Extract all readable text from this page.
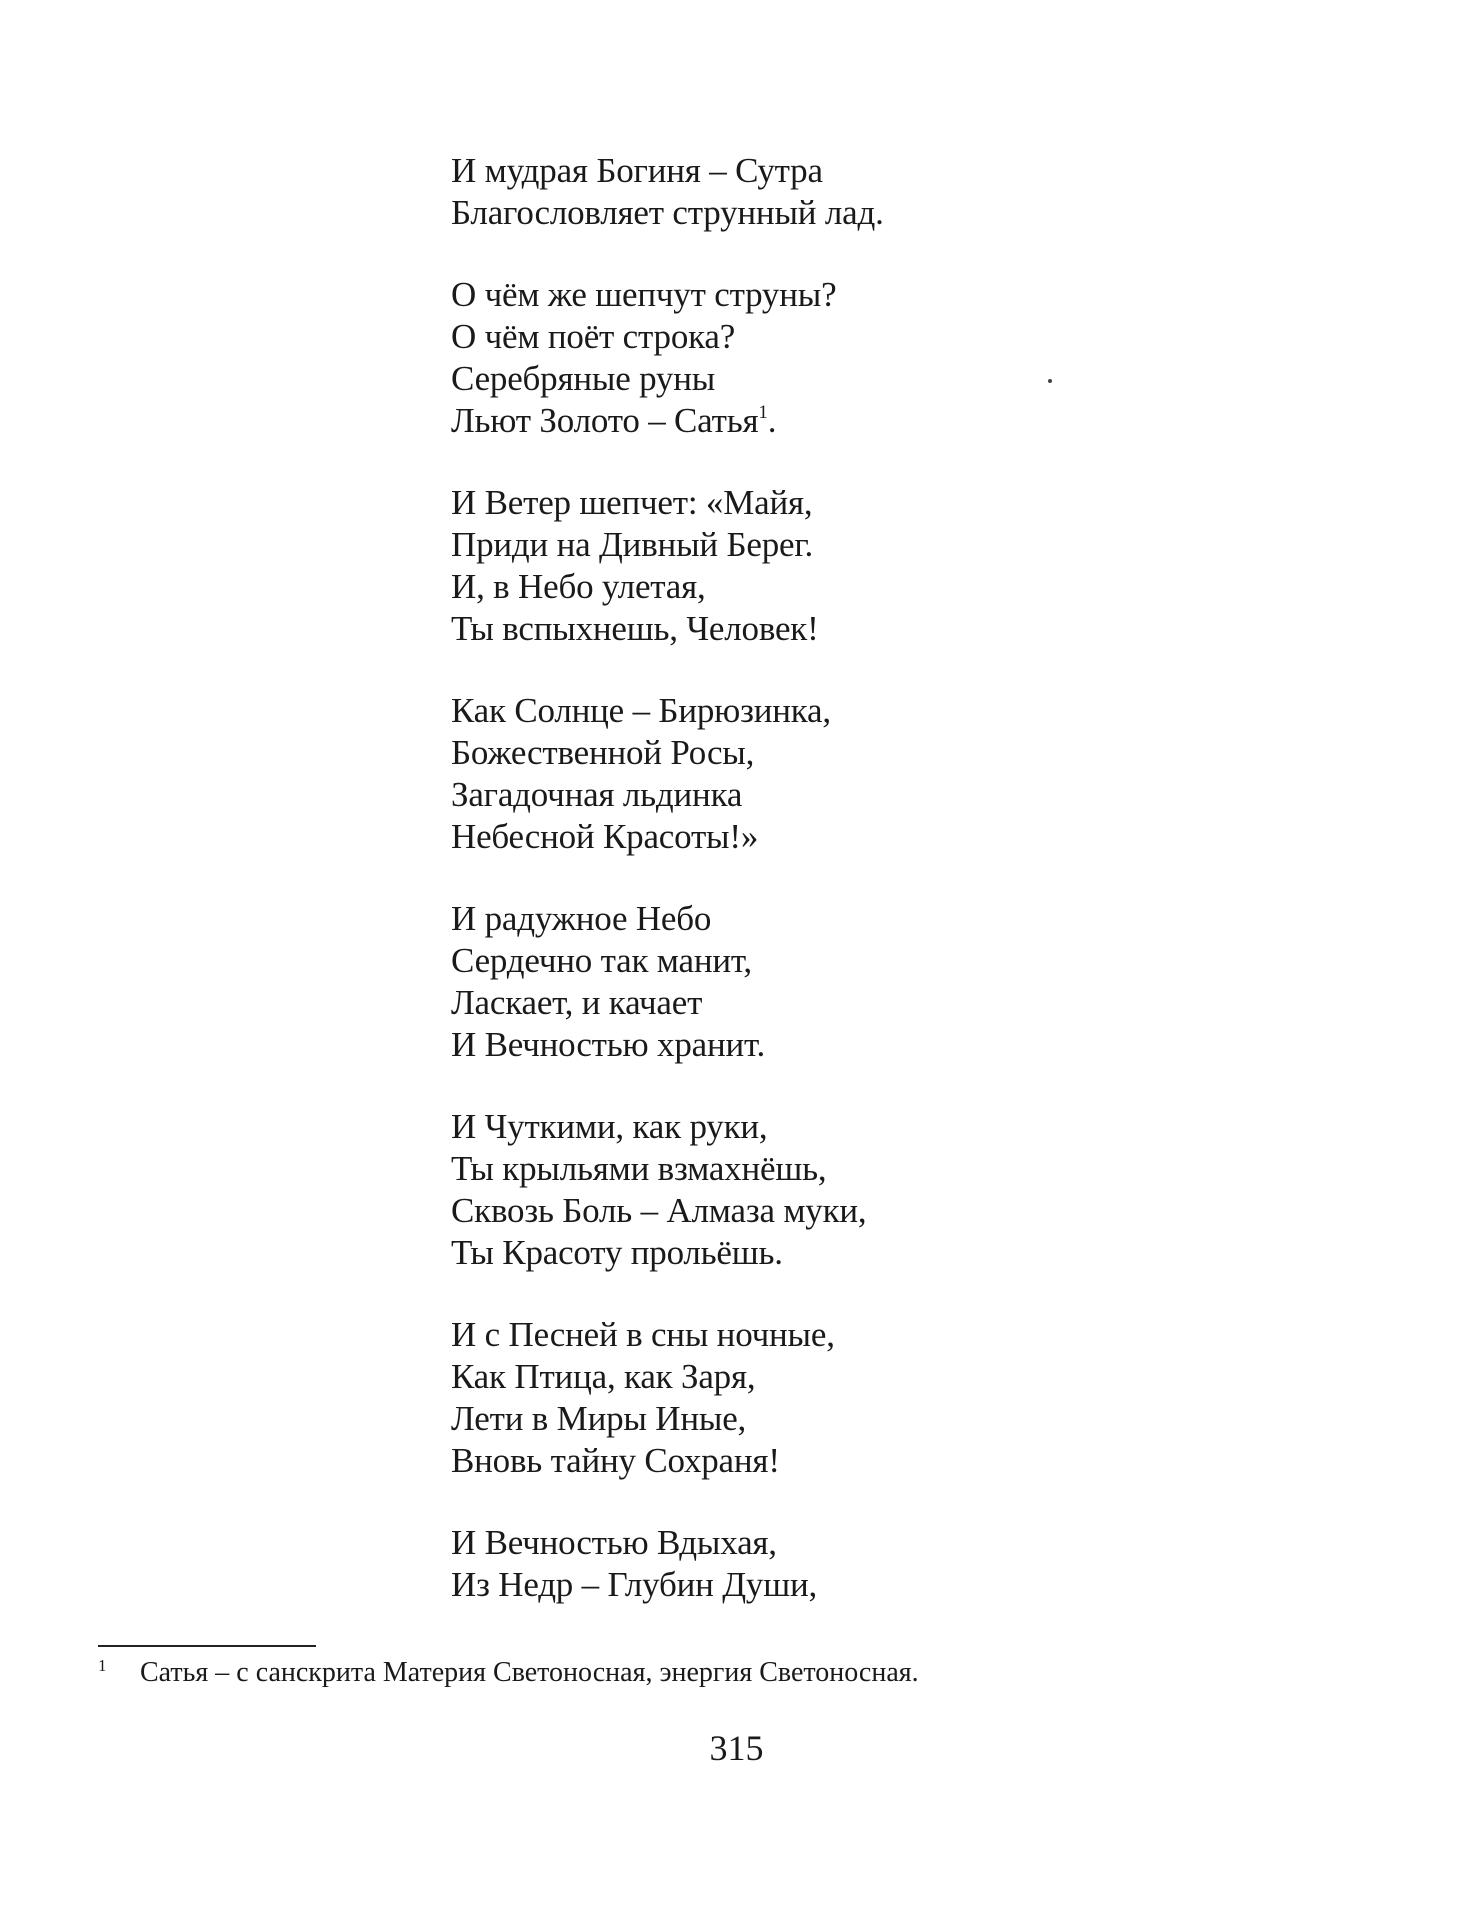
И мудрая Богиня – Сутра
Благословляет струнный лад.
О чём же шепчут струны?
О чём поёт строка?
Серебряные руны
Льют Золото – Сатья$^1$.
И Ветер шепчет: «Майя,
Приди на Дивный Берег.
И, в Небо улетая,
Ты вспыхнешь, Человек!
Как Солнце – Бирюзинка,
Божественной Росы,
Загадочная льдинка
Небесной Красоты!»
И радужное Небо
Сердечно так манит,
Ласкает, и качает
И Вечностью хранит.
И Чуткими, как руки,
Ты крыльями взмахнёшь,
Сквозь Боль – Алмаза муки,
Ты Красоту прольёшь.
И с Песней в сны ночные,
Как Птица, как Заря,
Лети в Миры Иные,
Вновь тайну Сохраня!
И Вечностью Вдыхая,
Из Недр – Глубин Души,
1 Сатья – с санскрита Материя Светоносная, энергия Светоносная.
315
